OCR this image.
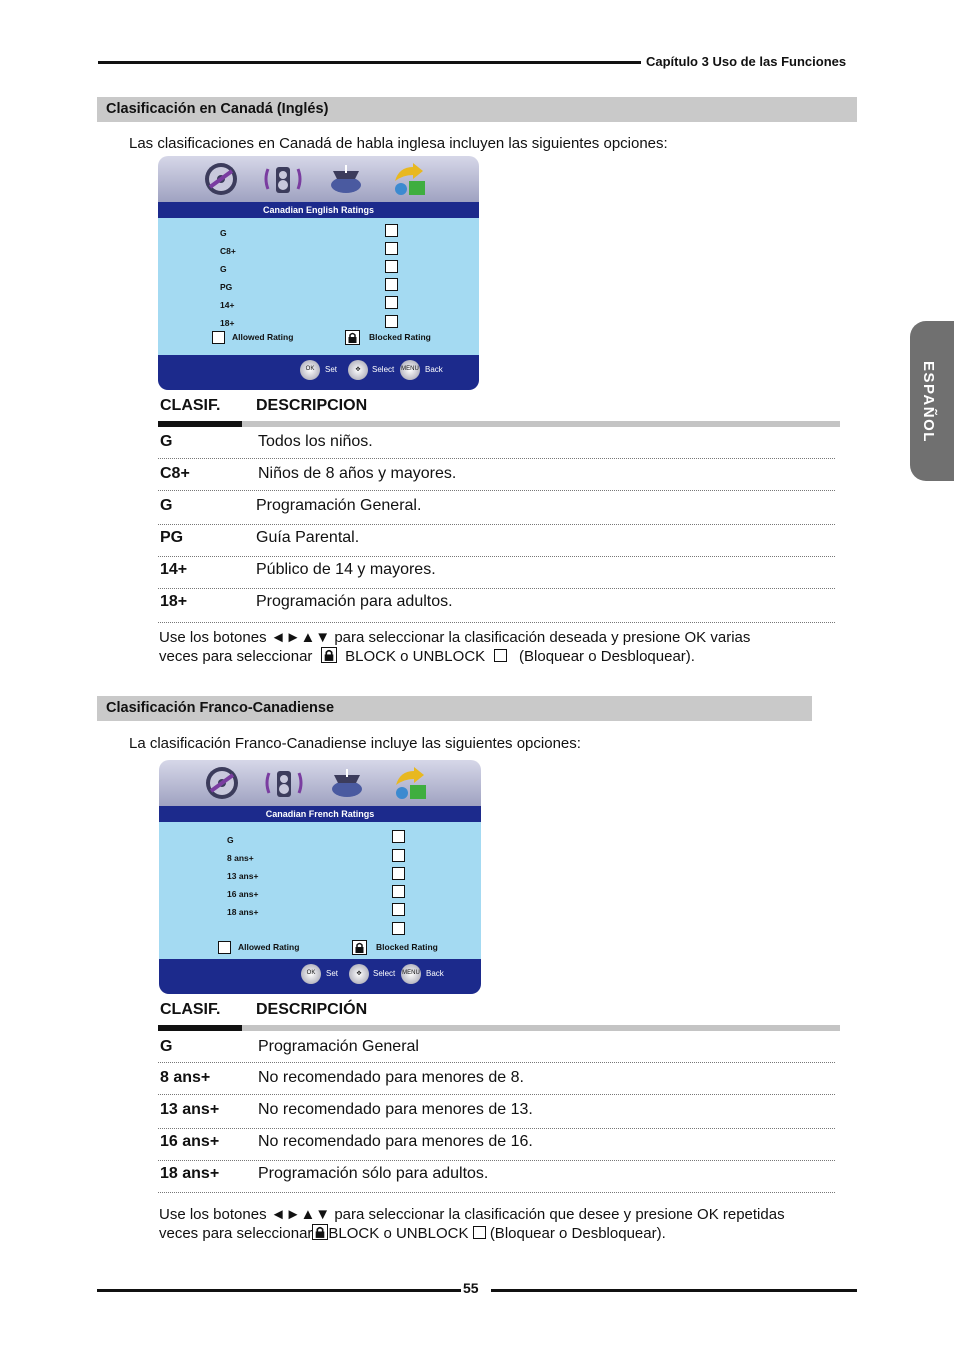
Capítulo 3 Uso de las Funciones
ESPAÑOL
Clasificación en Canadá (Inglés)
Las clasificaciones en Canadá de habla inglesa incluyen las siguientes opciones:
Canadian English Ratings
G
C8+
G
PG
14+
18+
Allowed Rating	Blocked Rating
OK	Set	✥	Select MENU Back
CLASIF. DESCRIPCION
G	Todos los niños.
C8+	Niños de 8 años y mayores.
G	Programación General.
PG	Guía Parental.
14+	Público de 14 y mayores.
18+	Programación para adultos.
Use los botones ◄►▲▼ para seleccionar la clasificación deseada y presione OK varias
veces para seleccionar BLOCK o UNBLOCK (Bloquear o Desbloquear).
Clasificación Franco-Canadiense
La clasificación Franco-Canadiense incluye las siguientes opciones:
Canadian French Ratings
G
8 ans+
13 ans+
16 ans+
18 ans+
Allowed Rating	Blocked Rating
OK	Set	✥	Select MENU Back
CLASIF. DESCRIPCIÓN
G	Programación General
8 ans+	No recomendado para menores de 8.
13 ans+ No recomendado para menores de 13.
16 ans+ No recomendado para menores de 16.
18 ans+ Programación sólo para adultos.
Use los botones ◄►▲▼ para seleccionar la clasificación que desee y presione OK repetidas
veces para seleccionar BLOCK o UNBLOCK (Bloquear o Desbloquear).
55
